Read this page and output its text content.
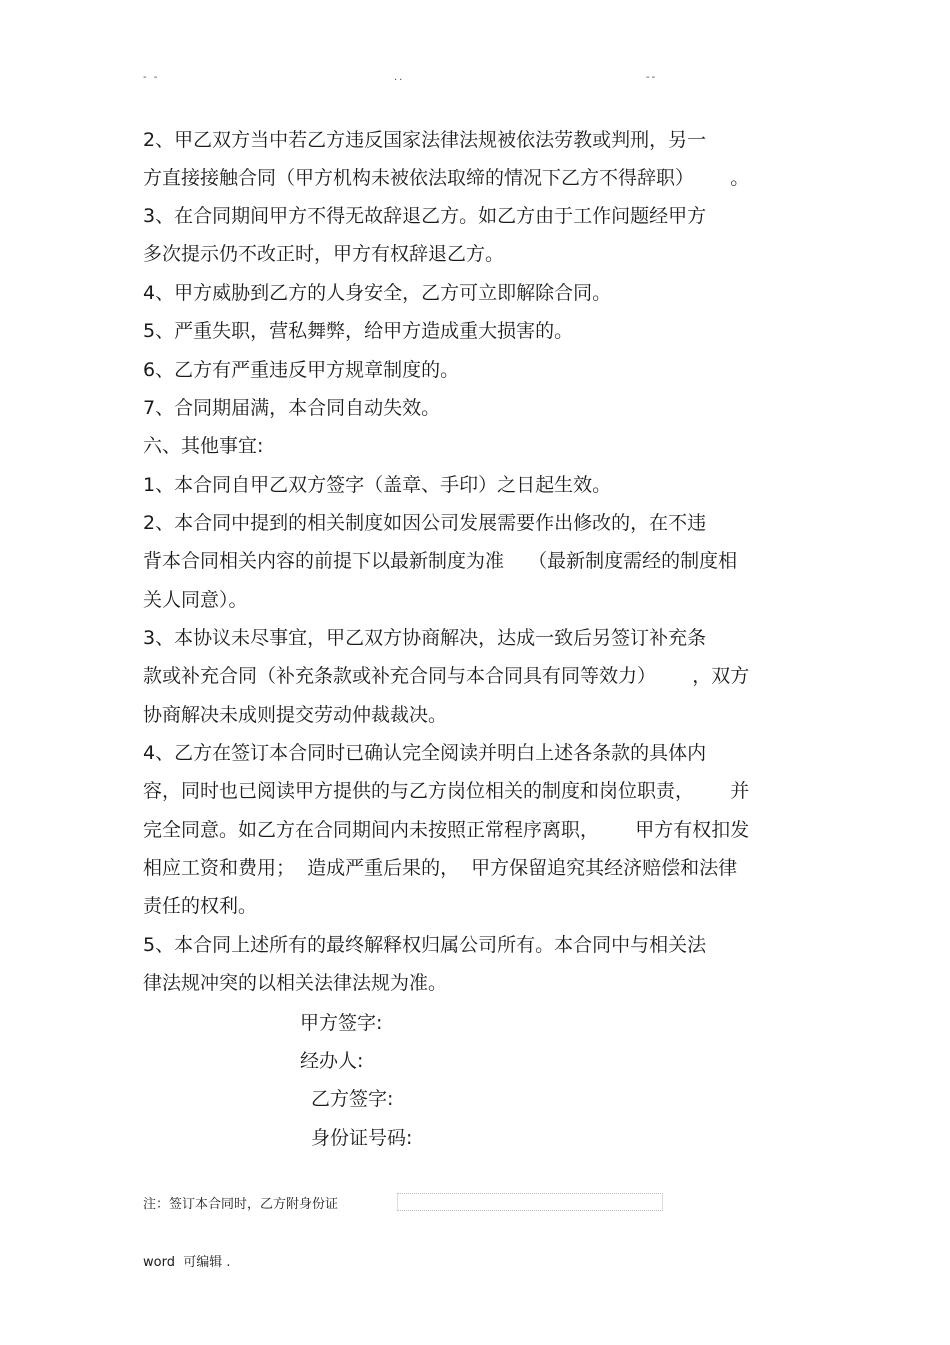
- -	..	--
2、甲乙双方当中若乙方违反国家法律法规被依法劳教或判刑，另一
方直接接触合同（甲方机构未被依法取缔的情况下乙方不得辞职）      。
3、在合同期间甲方不得无故辞退乙方。如乙方由于工作问题经甲方
多次提示仍不改正时，甲方有权辞退乙方。
4、甲方威胁到乙方的人身安全，乙方可立即解除合同。
5、严重失职，营私舞弊，给甲方造成重大损害的。
6、乙方有严重违反甲方规章制度的。
7、合同期届满，本合同自动失效。
六、其他事宜:
1、本合同自甲乙双方签字（盖章、手印）之日起生效。
2、本合同中提到的相关制度如因公司发展需要作出修改的，在不违
背本合同相关内容的前提下以最新制度为准    （最新制度需经的制度相
关人同意）。
3、本协议未尽事宜，甲乙双方协商解决，达成一致后另签订补充条
款或补充合同（补充条款或补充合同与本合同具有同等效力）      ，双方
协商解决未成则提交劳动仲裁裁决。
4、乙方在签订本合同时已确认完全阅读并明白上述各条款的具体内
容，同时也已阅读甲方提供的与乙方岗位相关的制度和岗位职责，      并
完全同意。如乙方在合同期间内未按照正常程序离职，      甲方有权扣发
相应工资和费用；  造成严重后果的，  甲方保留追究其经济赔偿和法律
责任的权利。
5、本合同上述所有的最终解释权归属公司所有。本合同中与相关法
律法规冲突的以相关法律法规为准。
甲方签字:
经办人:
乙方签字:
身份证号码:
注：签订本合同时，乙方附身份证
word  可编辑 .
